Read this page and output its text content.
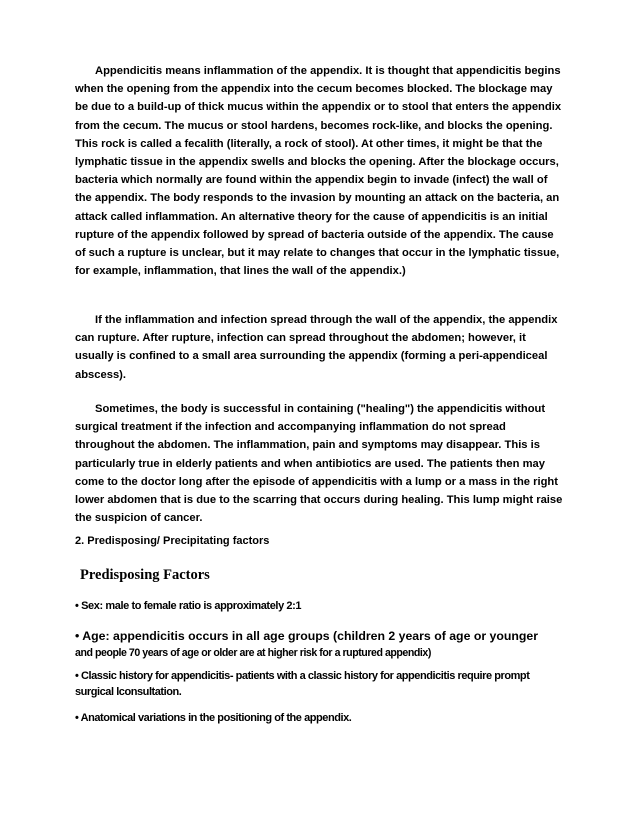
Appendicitis means inflammation of the appendix. It is thought that appendicitis begins when the opening from the appendix into the cecum becomes blocked. The blockage may be due to a build-up of thick mucus within the appendix or to stool that enters the appendix from the cecum. The mucus or stool hardens, becomes rock-like, and blocks the opening. This rock is called a fecalith (literally, a rock of stool). At other times, it might be that the lymphatic tissue in the appendix swells and blocks the opening. After the blockage occurs, bacteria which normally are found within the appendix begin to invade (infect) the wall of the appendix. The body responds to the invasion by mounting an attack on the bacteria, an attack called inflammation. An alternative theory for the cause of appendicitis is an initial rupture of the appendix followed by spread of bacteria outside of the appendix. The cause of such a rupture is unclear, but it may relate to changes that occur in the lymphatic tissue, for example, inflammation, that lines the wall of the appendix.)

If the inflammation and infection spread through the wall of the appendix, the appendix can rupture. After rupture, infection can spread throughout the abdomen; however, it usually is confined to a small area surrounding the appendix (forming a peri-appendiceal abscess).

Sometimes, the body is successful in containing ("healing") the appendicitis without surgical treatment if the infection and accompanying inflammation do not spread throughout the abdomen. The inflammation, pain and symptoms may disappear. This is particularly true in elderly patients and when antibiotics are used. The patients then may come to the doctor long after the episode of appendicitis with a lump or a mass in the right lower abdomen that is due to the scarring that occurs during healing. This lump might raise the suspicion of cancer.

2. Predisposing/ Precipitating factors

Predisposing Factors

• Sex: male to female ratio is approximately 2:1

• Age: appendicitis occurs in all age groups (children 2 years of age or younger
and people 70 years of age or older are at higher risk for a ruptured appendix)

• Classic history for appendicitis- patients with a classic history for appendicitis require prompt surgical lconsultation.

• Anatomical variations in the positioning of the appendix.
